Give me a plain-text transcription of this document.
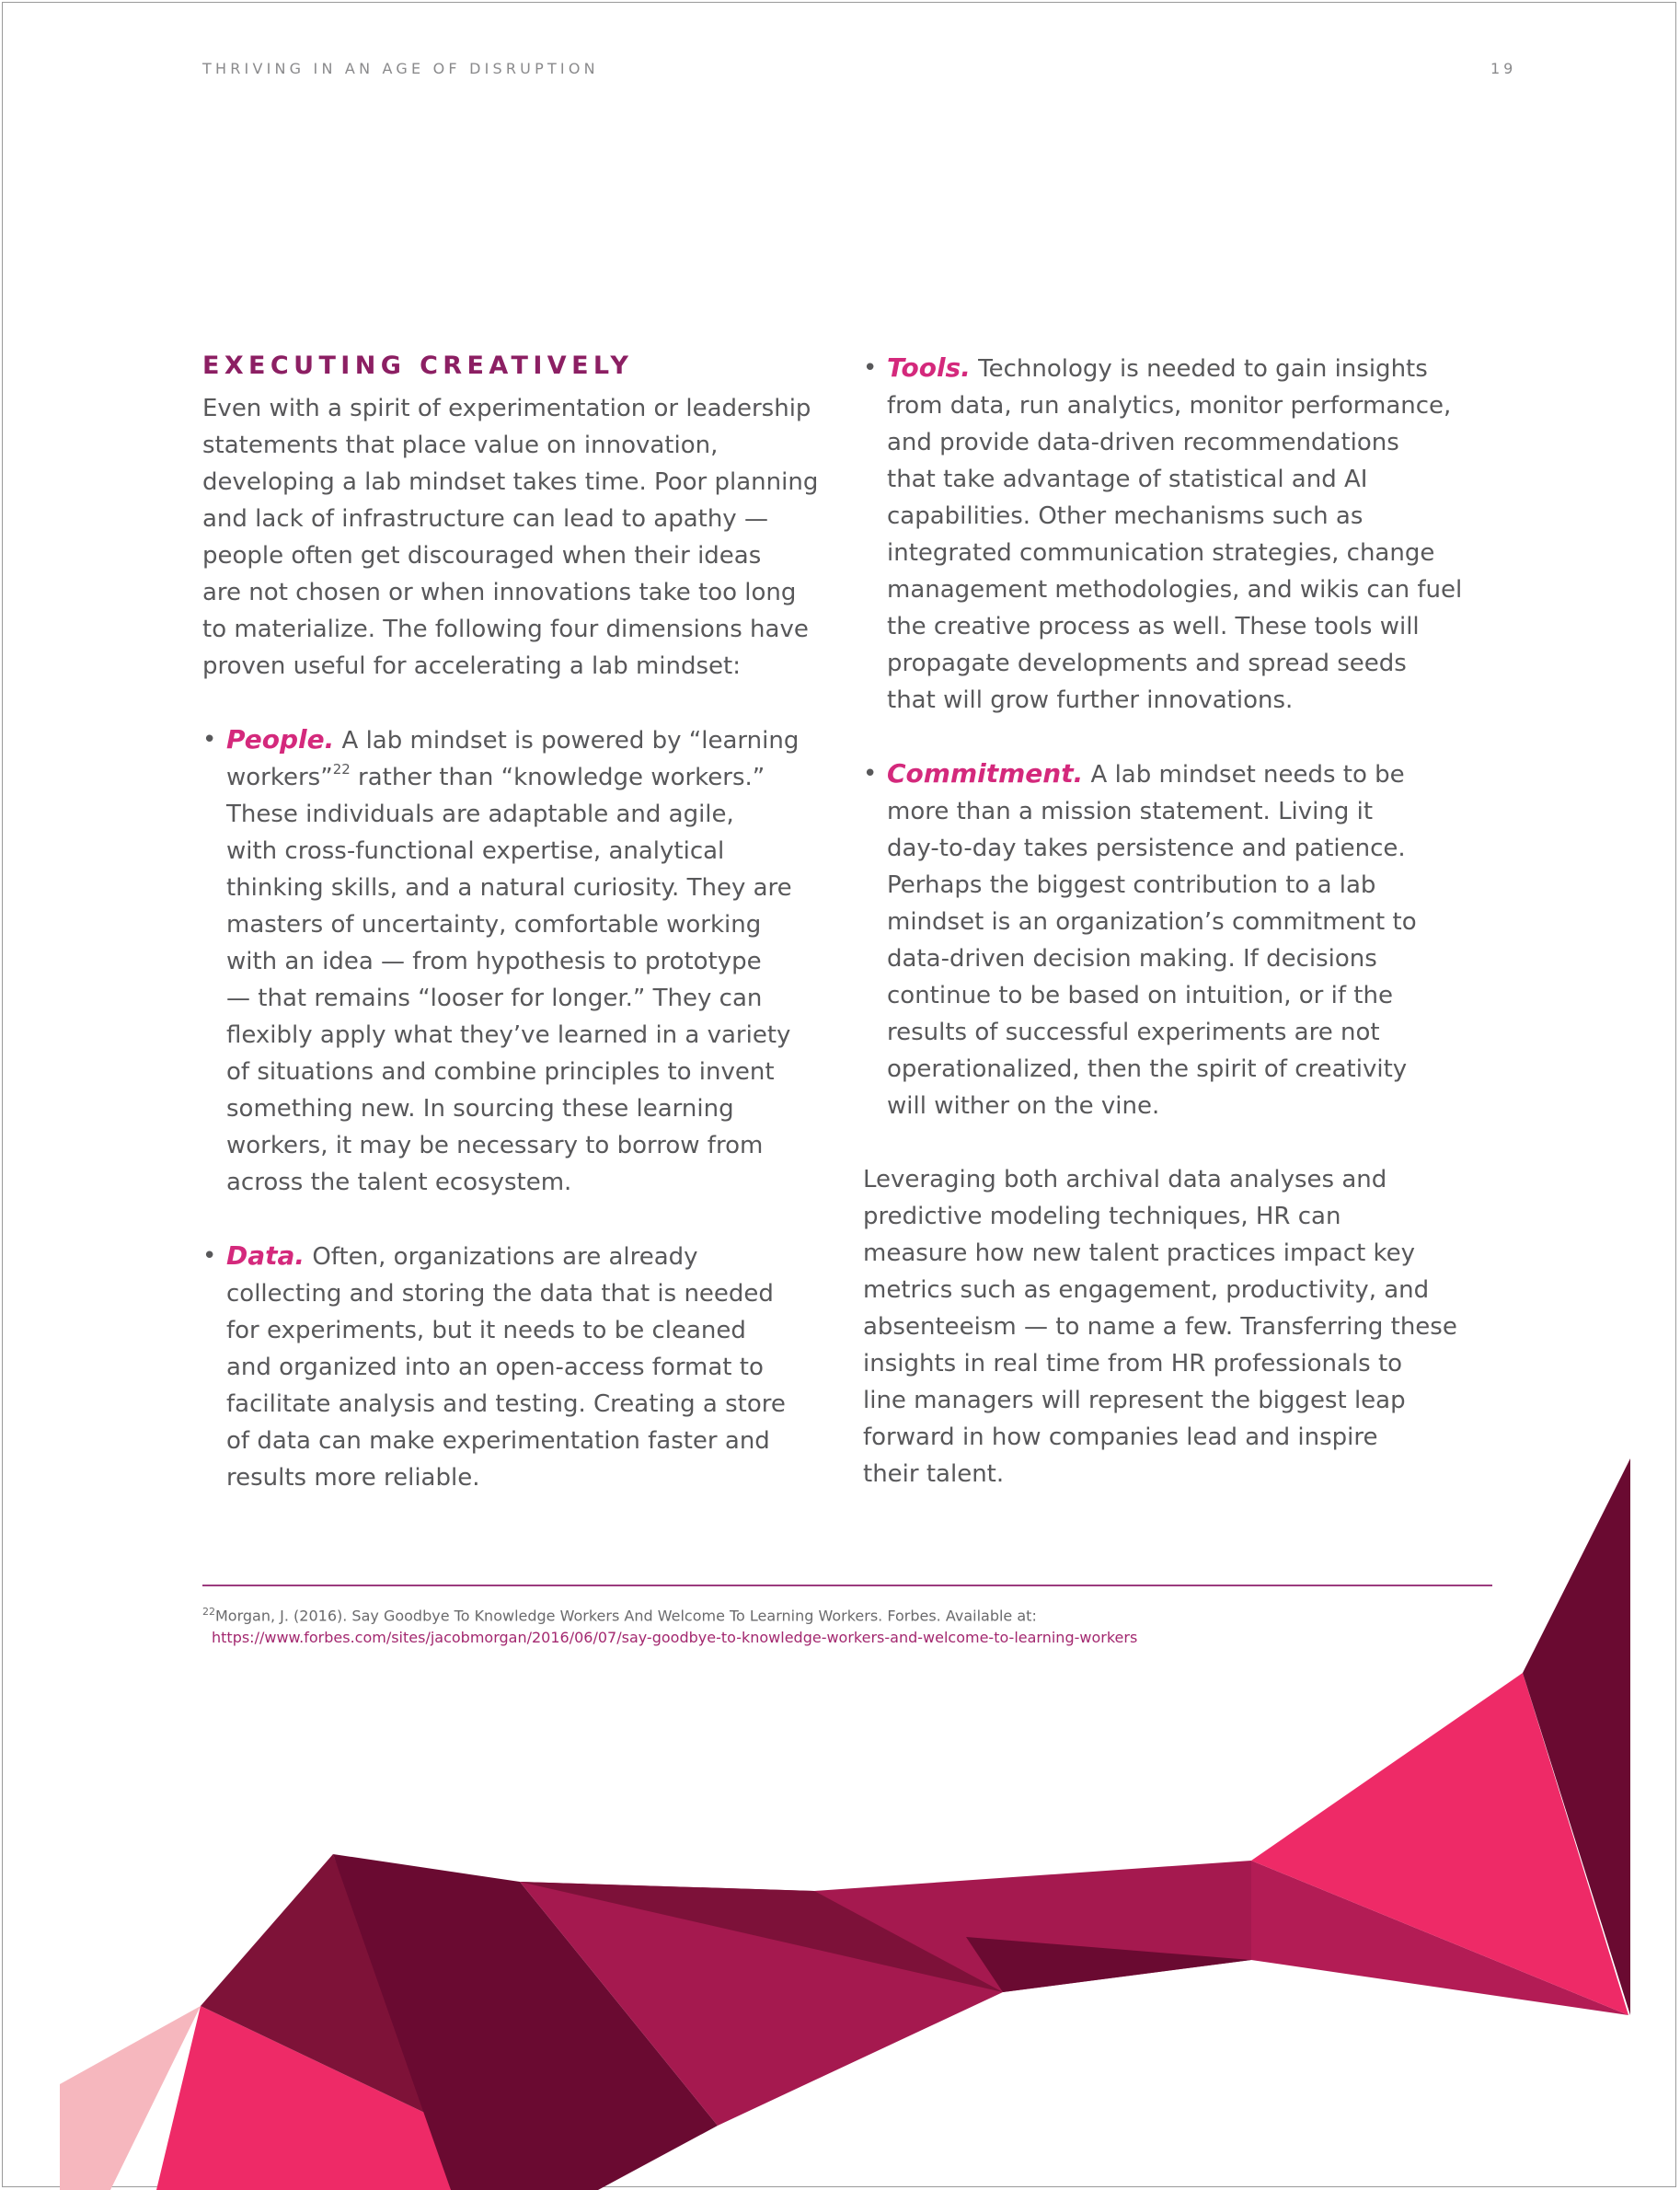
THRIVING IN AN AGE OF DISRUPTION	19
EXECUTING CREATIVELY

Even with a spirit of experimentation or leadership
statements that place value on innovation,
developing a lab mindset takes time. Poor planning
and lack of infrastructure can lead to apathy —
people often get discouraged when their ideas
are not chosen or when innovations take too long
to materialize. The following four dimensions have
proven useful for accelerating a lab mindset:

• People. A lab mindset is powered by “learning
workers”$^{22}$ rather than “knowledge workers.”
These individuals are adaptable and agile,
with cross-functional expertise, analytical
thinking skills, and a natural curiosity. They are
masters of uncertainty, comfortable working
with an idea — from hypothesis to prototype
— that remains “looser for longer.” They can
flexibly apply what they’ve learned in a variety
of situations and combine principles to invent
something new. In sourcing these learning
workers, it may be necessary to borrow from
across the talent ecosystem.

• Data. Often, organizations are already
collecting and storing the data that is needed
for experiments, but it needs to be cleaned
and organized into an open-access format to
facilitate analysis and testing. Creating a store
of data can make experimentation faster and
results more reliable.

• Tools. Technology is needed to gain insights
from data, run analytics, monitor performance,
and provide data-driven recommendations
that take advantage of statistical and AI
capabilities. Other mechanisms such as
integrated communication strategies, change
management methodologies, and wikis can fuel
the creative process as well. These tools will
propagate developments and spread seeds
that will grow further innovations.

• Commitment. A lab mindset needs to be
more than a mission statement. Living it
day-to-day takes persistence and patience.
Perhaps the biggest contribution to a lab
mindset is an organization’s commitment to
data-driven decision making. If decisions
continue to be based on intuition, or if the
results of successful experiments are not
operationalized, then the spirit of creativity
will wither on the vine.

Leveraging both archival data analyses and
predictive modeling techniques, HR can
measure how new talent practices impact key
metrics such as engagement, productivity, and
absenteeism — to name a few. Transferring these
insights in real time from HR professionals to
line managers will represent the biggest leap
forward in how companies lead and inspire
their talent.

$^{22}$Morgan, J. (2016). Say Goodbye To Knowledge Workers And Welcome To Learning Workers. Forbes. Available at:
https://www.forbes.com/sites/jacobmorgan/2016/06/07/say-goodbye-to-knowledge-workers-and-welcome-to-learning-workers
